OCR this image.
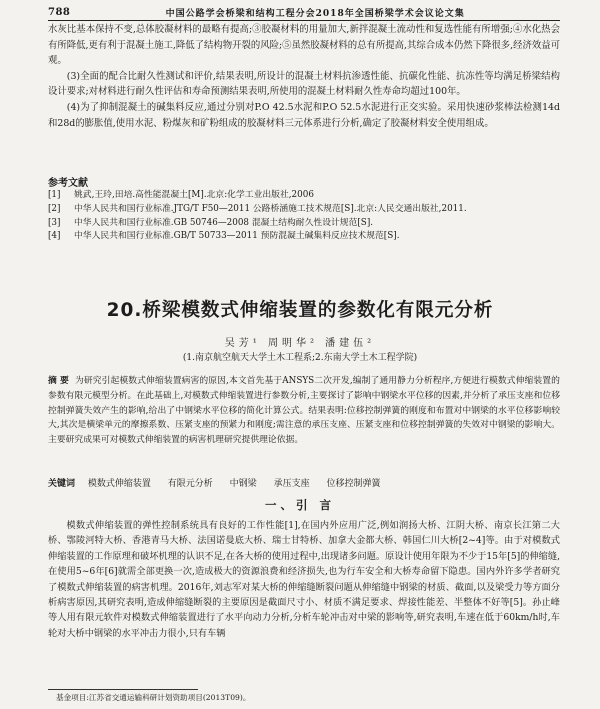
788	中国公路学会桥梁和结构工程分会2018年全国桥梁学术会议论文集

水灰比基本保持不变,总体胶凝材料的最略有提高;③胶凝材料的用量加大,新拌混凝土流动性和复选性能有所增强;④水化热会有所降低,更有利于混凝土施工,降低了结构物开裂的风险;⑤虽然胶凝材料的总有所提高,其综合成本仍然下降很多,经济效益可观。

(3)全面的配合比耐久性测试和评价,结果表明,所设计的混凝土材料抗渗透性能、抗碳化性能、抗冻性等均满足桥梁结构设计要求;对材料进行耐久性评估和寿命预测结果表明,所使用的混凝土材料耐久性寿命均超过100年。

(4)为了抑制混凝土的碱集料反应,通过分别对P.O 42.5水泥和P.O 52.5水泥进行正交实验。采用快速砂浆棒法检测14d和28d的膨胀值,使用水泥、粉煤灰和矿粉组成的胶凝材料三元体系进行分析,确定了胶凝材料安全使用组成。

参考文献
[1]	姚武,王玲,田培.高性能混凝土[M].北京:化学工业出版社,2006
[2]	中华人民共和国行业标准.JTG/T F50—2011 公路桥涵施工技术规范[S].北京:人民交通出版社,2011.
[3]	中华人民共和国行业标准.GB 50746—2008 混凝土结构耐久性设计规范[S].
[4]	中华人民共和国行业标准.GB/T 50733—2011 预防混凝土碱集料反应技术规范[S].
20.桥梁模数式伸缩装置的参数化有限元分析
吴芳¹ 周明华² 潘建伍²
(1.南京航空航天大学土木工程系;2.东南大学土木工程学院)
摘 要 为研究引起模数式伸缩装置病害的原因,本文首先基于ANSYS二次开发,编制了通用静力分析程序,方便进行模数式伸缩装置的参数有限元模型分析。在此基础上,对模数式伸缩装置进行参数分析,主要探讨了影响中钢梁水平位移的因素,并分析了承压支座和位移控制弹簧失效产生的影响,给出了中钢梁水平位移的简化计算公式。结果表明:位移控制弹簧的刚度和布置对中钢梁的水平位移影响较大,其次是横梁单元的摩擦系数、压紧支座的预紧力和刚度;需注意的承压支座、压紧支座和位移控制弹簧的失效对中钢梁的影响大。主要研究成果可对模数式伸缩装置的病害机理研究提供理论依据。
关键词 模数式伸缩装置 有限元分析 中钢梁 承压支座 位移控制弹簧
一、引 言

模数式伸缩装置的弹性控制系统具有良好的工作性能[1],在国内外应用广泛,例如润扬大桥、江阴大桥、南京长江第二大桥、鄂陵河特大桥、香港青马大桥、法国诺曼底大桥、瑞士甘特桥、加拿大金都大桥、韩国仁川大桥[2~4]等。由于对模数式伸缩装置的工作原理和破坏机理的认识不足,在各大桥的使用过程中,出现诸多问题。原设计使用年限为不少于15年[5]的伸缩缝,在使用5~6年[6]就需全部更换一次,造成极大的资源浪费和经济损失,也为行车安全和大桥寿命留下隐患。国内外许多学者研究了模数式伸缩装置的病害机理。2016年,刘志军对某大桥的伸缩缝断裂问题从伸缩缝中钢梁的材质、截面,以及梁受力等方面分析病害原因,其研究表明,造成伸缩缝断裂的主要原因是截面尺寸小、材质不满足要求、焊接性能差、半整体不好等[5]。孙止峰等人用有限元软件对模数式伸缩装置进行了水平向动力分析,分析车轮冲击对中梁的影响等,研究表明,车速在低于60km/h时,车轮对大桥中钢梁的水平冲击力很小,只有车辆

基金项目:江苏省交通运输科研计划资助项目(2013T09)。
